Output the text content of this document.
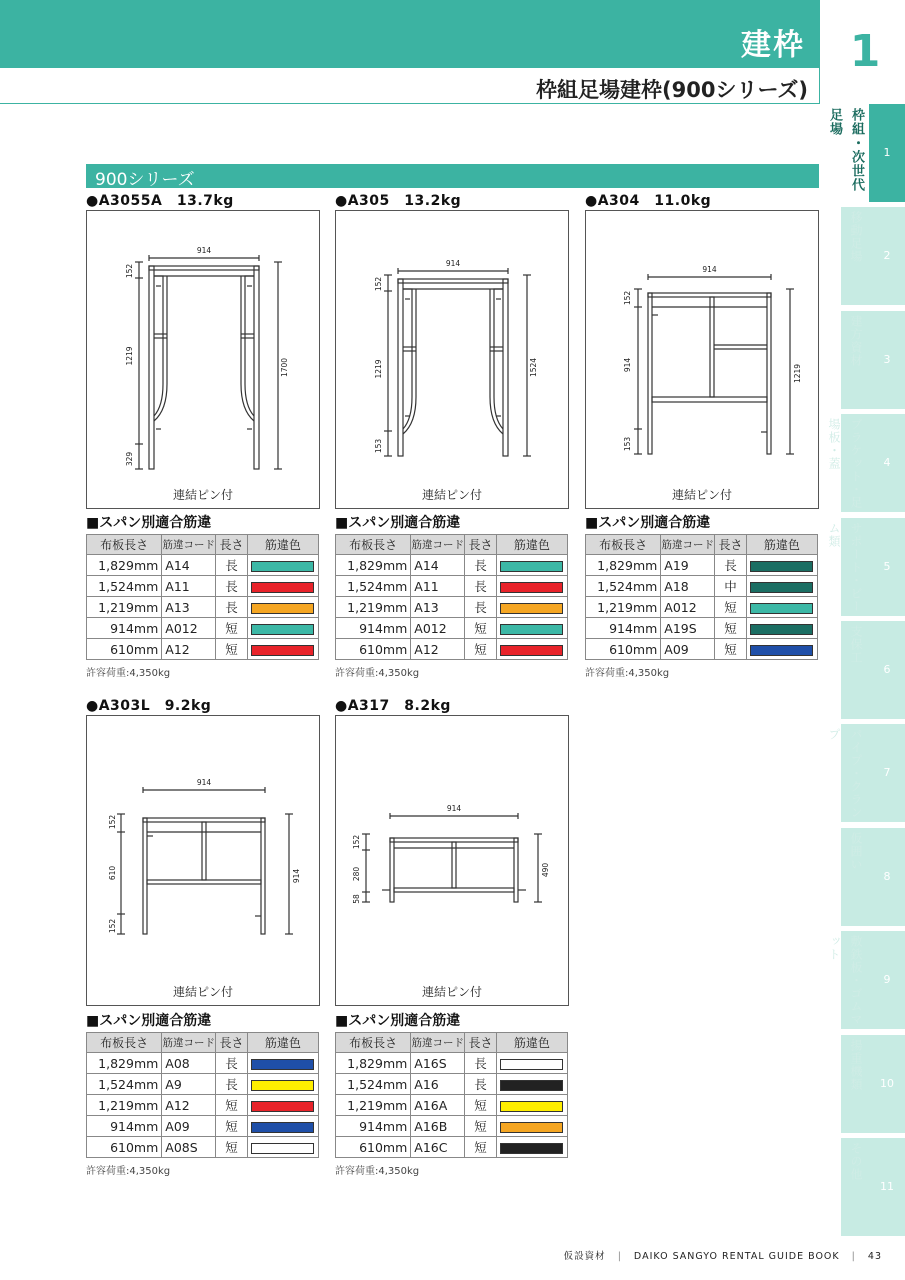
建枠
枠組足場建枠(900シリーズ)
1
1
枠組・次世代足場
2
移動足場
3
建方資材
4
ブラケット・足場板・蓋
5
サポート・ビーム類
6
支保工
7
パイプ・クランプ
8
仮囲い
9
敷鉄板・ゴムマット
10
揚重機類
11
その他
900シリーズ
●A3055A　13.7kg
914
152
1219
329
1700
連結ピン付
■スパン別適合筋違
布板長さ	筋違コード	長さ	筋違色
1,829mm	A14	長	
1,524mm	A11	長	
1,219mm	A13	長	
914mm	A012	短	
610mm	A12	短	
許容荷重:4,350kg
●A305　13.2kg
914
152
1219
153
1524
連結ピン付
■スパン別適合筋違
布板長さ	筋違コード	長さ	筋違色
1,829mm	A14	長	
1,524mm	A11	長	
1,219mm	A13	長	
914mm	A012	短	
610mm	A12	短	
許容荷重:4,350kg
●A304　11.0kg
914
152
914
153
1219
連結ピン付
■スパン別適合筋違
布板長さ	筋違コード	長さ	筋違色
1,829mm	A19	長	
1,524mm	A18	中	
1,219mm	A012	短	
914mm	A19S	短	
610mm	A09	短	
許容荷重:4,350kg
●A303L　9.2kg
914
152
610
152
914
連結ピン付
■スパン別適合筋違
布板長さ	筋違コード	長さ	筋違色
1,829mm	A08	長	
1,524mm	A9	長	
1,219mm	A12	短	
914mm	A09	短	
610mm	A08S	短	
許容荷重:4,350kg
●A317　8.2kg
914
152
280
58
490
連結ピン付
■スパン別適合筋違
布板長さ	筋違コード	長さ	筋違色
1,829mm	A16S	長	
1,524mm	A16	長	
1,219mm	A16A	短	
914mm	A16B	短	
610mm	A16C	短	
許容荷重:4,350kg
仮設資材 | DAIKO SANGYO RENTAL GUIDE BOOK | 43
